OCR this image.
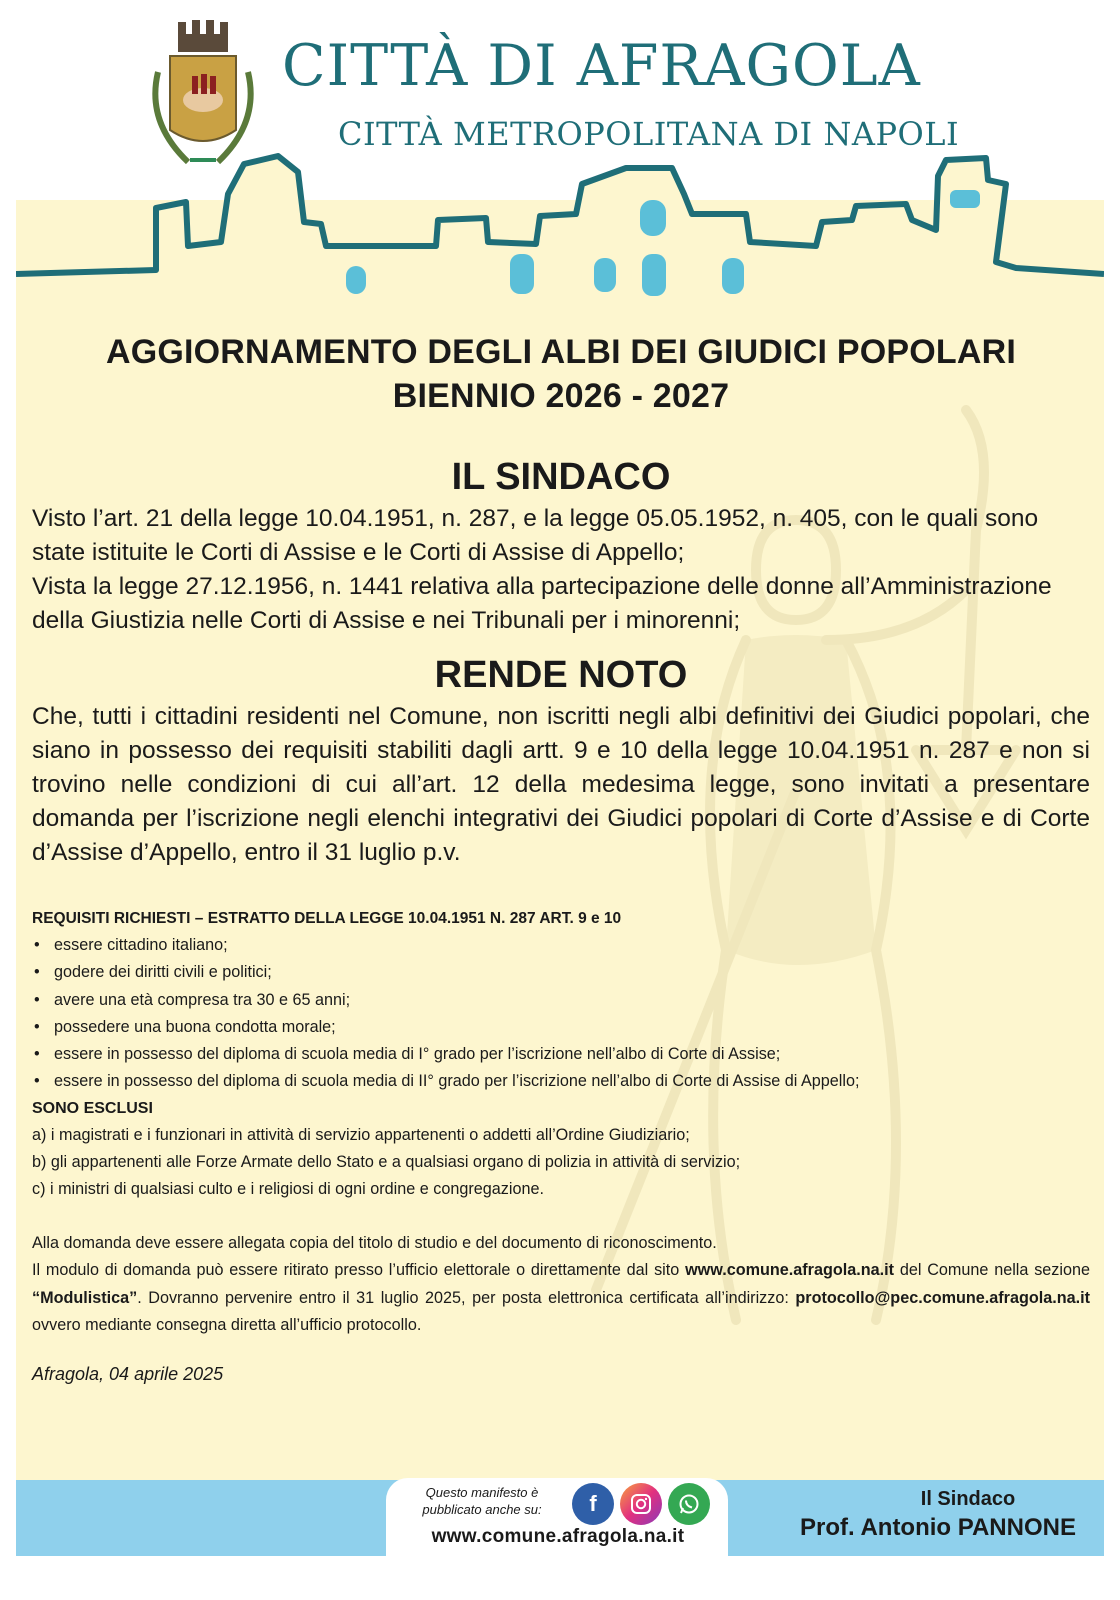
CITTÀ DI AFRAGOLA
CITTÀ METROPOLITANA DI NAPOLI
AGGIORNAMENTO DEGLI ALBI DEI GIUDICI POPOLARI
BIENNIO 2026 - 2027
IL SINDACO
Visto l’art. 21 della legge 10.04.1951, n. 287, e la legge 05.05.1952, n. 405, con le quali sono state istituite le Corti di Assise e le Corti di Assise di Appello;
Vista la legge 27.12.1956, n. 1441 relativa alla partecipazione delle donne all’Amministrazione della Giustizia nelle Corti di Assise e nei Tribunali per i minorenni;
RENDE NOTO
Che, tutti i cittadini residenti nel Comune, non iscritti negli albi definitivi dei Giudici popolari, che siano in possesso dei requisiti stabiliti dagli artt. 9 e 10 della legge 10.04.1951 n. 287 e non si trovino nelle condizioni di cui all’art. 12 della medesima legge, sono invitati a presentare domanda per l’iscrizione negli elenchi integrativi dei Giudici popolari di Corte d’Assise e di Corte d’Assise d’Appello, entro il 31 luglio p.v.
REQUISITI RICHIESTI – ESTRATTO DELLA LEGGE 10.04.1951 N. 287 ART. 9 e 10
• essere cittadino italiano;
• godere dei diritti civili e politici;
• avere una età compresa tra 30 e 65 anni;
• possedere una buona condotta morale;
• essere in possesso del diploma di scuola media di I° grado per l’iscrizione nell’albo di Corte di Assise;
• essere in possesso del diploma di scuola media di II° grado per l’iscrizione nell’albo di Corte di Assise di Appello;
SONO ESCLUSI
a) i magistrati e i funzionari in attività di servizio appartenenti o addetti all’Ordine Giudiziario;
b) gli appartenenti alle Forze Armate dello Stato e a qualsiasi organo di polizia in attività di servizio;
c) i ministri di qualsiasi culto e i religiosi di ogni ordine e congregazione.
Alla domanda deve essere allegata copia del titolo di studio e del documento di riconoscimento.
Il modulo di domanda può essere ritirato presso l’ufficio elettorale o direttamente dal sito www.comune.afragola.na.it del Comune nella sezione “Modulistica”. Dovranno pervenire entro il 31 luglio 2025, per posta elettronica certificata all’indirizzo: protocollo@pec.comune.afragola.na.it ovvero mediante consegna diretta all’ufficio protocollo.
Afragola, 04 aprile 2025
Questo manifesto è pubblicato anche su:	f
www.comune.afragola.na.it
Il Sindaco
Prof. Antonio PANNONE
